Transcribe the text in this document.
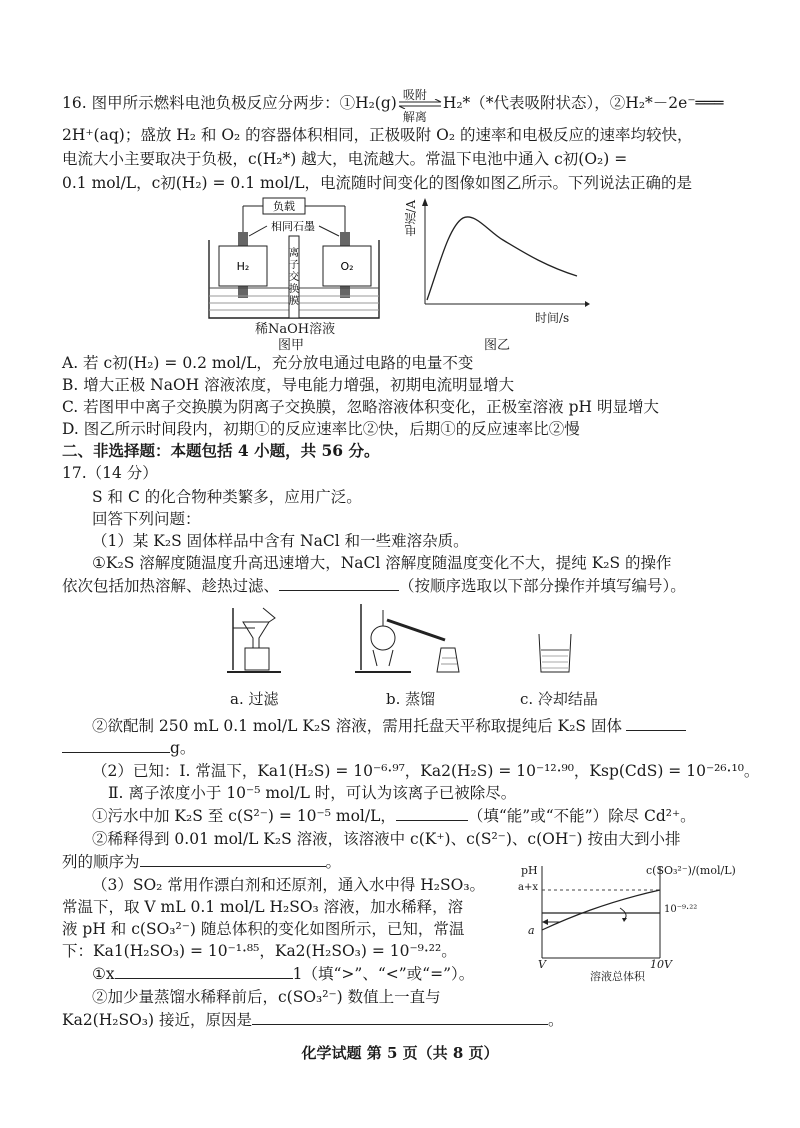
16. 图甲所示燃料电池负极反应分两步：①H₂(g) 吸附
解离
H₂*（*代表吸附状态），②H₂*－2e⁻═══
2H⁺(aq)；盛放 H₂ 和 O₂ 的容器体积相同，正极吸附 O₂ 的速率和电极反应的速率均较快，
电流大小主要取决于负极，c(H₂*) 越大，电流越大。常温下电池中通入 c初(O₂) =
0.1 mol/L，c初(H₂) = 0.1 mol/L，电流随时间变化的图像如图乙所示。下列说法正确的是
负载
相同石墨
H₂	O₂
离
子
交
换
膜
稀NaOH溶液
图甲
电流/A
时间/s
图乙
A. 若 c初(H₂) = 0.2 mol/L，充分放电通过电路的电量不变
B. 增大正极 NaOH 溶液浓度，导电能力增强，初期电流明显增大
C. 若图甲中离子交换膜为阴离子交换膜，忽略溶液体积变化，正极室溶液 pH 明显增大
D. 图乙所示时间段内，初期①的反应速率比②快，后期①的反应速率比②慢
二、非选择题：本题包括 4 小题，共 56 分。
17.（14 分）
S 和 C 的化合物种类繁多，应用广泛。
回答下列问题：
（1）某 K₂S 固体样品中含有 NaCl 和一些难溶杂质。
①K₂S 溶解度随温度升高迅速增大，NaCl 溶解度随温度变化不大，提纯 K₂S 的操作
依次包括加热溶解、趁热过滤、	（按顺序选取以下部分操作并填写编号）。
a. 过滤	b. 蒸馏	c. 冷却结晶
②欲配制 250 mL 0.1 mol/L K₂S 溶液，需用托盘天平称取提纯后 K₂S 固体
g。
（2）已知：Ⅰ. 常温下，Ka1(H₂S) = 10⁻⁶·⁹⁷，Ka2(H₂S) = 10⁻¹²·⁹⁰，Ksp(CdS) = 10⁻²⁶·¹⁰。
Ⅱ. 离子浓度小于 10⁻⁵ mol/L 时，可认为该离子已被除尽。
①污水中加 K₂S 至 c(S²⁻) = 10⁻⁵ mol/L，	（填“能”或“不能”）除尽 Cd²⁺。
②稀释得到 0.01 mol/L K₂S 溶液，该溶液中 c(K⁺)、c(S²⁻)、c(OH⁻) 按由大到小排
列的顺序为	。
（3）SO₂ 常用作漂白剂和还原剂，通入水中得 H₂SO₃。
常温下，取 V mL 0.1 mol/L H₂SO₃ 溶液，加水稀释，溶
液 pH 和 c(SO₃²⁻) 随总体积的变化如图所示，已知，常温
下：Ka1(H₂SO₃) = 10⁻¹·⁸⁵，Ka2(H₂SO₃) = 10⁻⁹·²²。
①x	1（填“>”、“<”或“=”）。
②加少量蒸馏水稀释前后，c(SO₃²⁻) 数值上一直与
Ka2(H₂SO₃) 接近，原因是	。
pH	c(SO₃²⁻)/(mol/L)
a+x
a
10⁻⁹·²²
V	10V
溶液总体积
化学试题 第 5 页（共 8 页）
